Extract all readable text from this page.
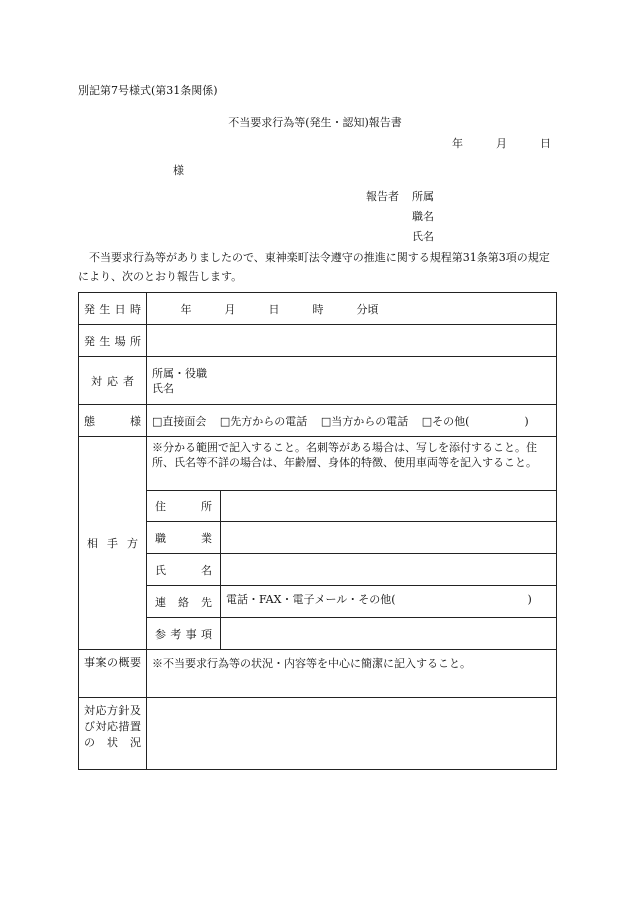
別記第7号様式(第31条関係)
不当要求行為等(発生・認知)報告書
年	月	日
様
報告者 所属
職名
氏名
不当要求行為等がありましたので、東神楽町法令遵守の推進に関する規程第31条第3項の規定により、次のとおり報告します。
発生日時	年 月 日 時 分頃	
発生場所		
対応者	所属・役職
氏名	

態様	□直接面会 □先方からの電話 □当方からの電話 □その他(　　　　　)	
相手方	※分かる範囲で記入すること。名刺等がある場合は、写しを添付すること。住所、氏名等不詳の場合は、年齢層、身体的特徴、使用車両等を記入すること。	
	住所	
	職業	
	氏名	
	連絡先	電話・FAX・電子メール・その他(　　　　　　　　　　　　)
	参考事項	

事案の概要	※不当要求行為等の状況・内容等を中心に簡潔に記入すること。	

対応方針及び対応措置の状況		
